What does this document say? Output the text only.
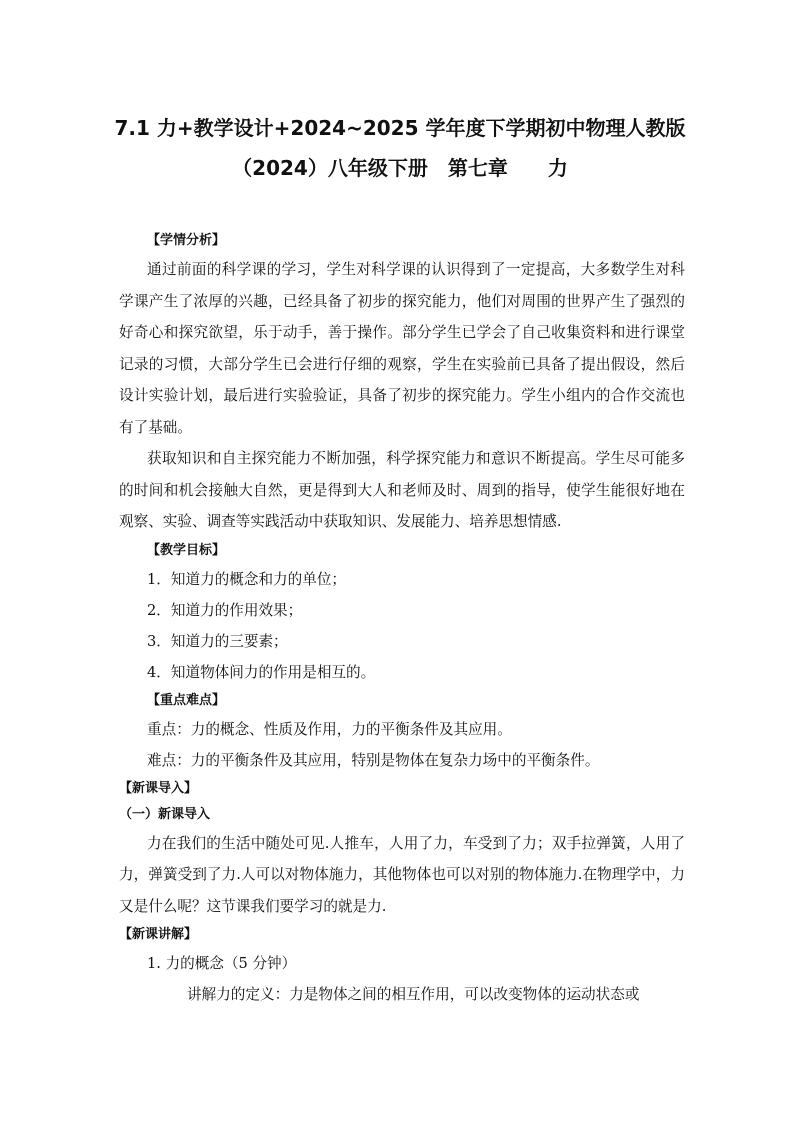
7.1 力+教学设计+2024~2025 学年度下学期初中物理人教版
（2024）八年级下册　第七章　　力
【学情分析】

通过前面的科学课的学习，学生对科学课的认识得到了一定提高，大多数学生对科学课产生了浓厚的兴趣，已经具备了初步的探究能力，他们对周围的世界产生了强烈的好奇心和探究欲望，乐于动手，善于操作。部分学生已学会了自己收集资料和进行课堂记录的习惯，大部分学生已会进行仔细的观察，学生在实验前已具备了提出假设，然后设计实验计划，最后进行实验验证，具备了初步的探究能力。学生小组内的合作交流也有了基础。

获取知识和自主探究能力不断加强，科学探究能力和意识不断提高。学生尽可能多的时间和机会接触大自然，更是得到大人和老师及时、周到的指导，使学生能很好地在观察、实验、调查等实践活动中获取知识、发展能力、培养思想情感.

【教学目标】
1．知道力的概念和力的单位；
2．知道力的作用效果；
3．知道力的三要素；
4．知道物体间力的作用是相互的。
【重点难点】
重点：力的概念、性质及作用，力的平衡条件及其应用。
难点：力的平衡条件及其应用，特别是物体在复杂力场中的平衡条件。
【新课导入】
（一）新课导入

力在我们的生活中随处可见.人推车，人用了力，车受到了力；双手拉弹簧，人用了力，弹簧受到了力.人可以对物体施力，其他物体也可以对别的物体施力.在物理学中，力又是什么呢？这节课我们要学习的就是力.

【新课讲解】
1. 力的概念（5 分钟）
讲解力的定义：力是物体之间的相互作用，可以改变物体的运动状态或
